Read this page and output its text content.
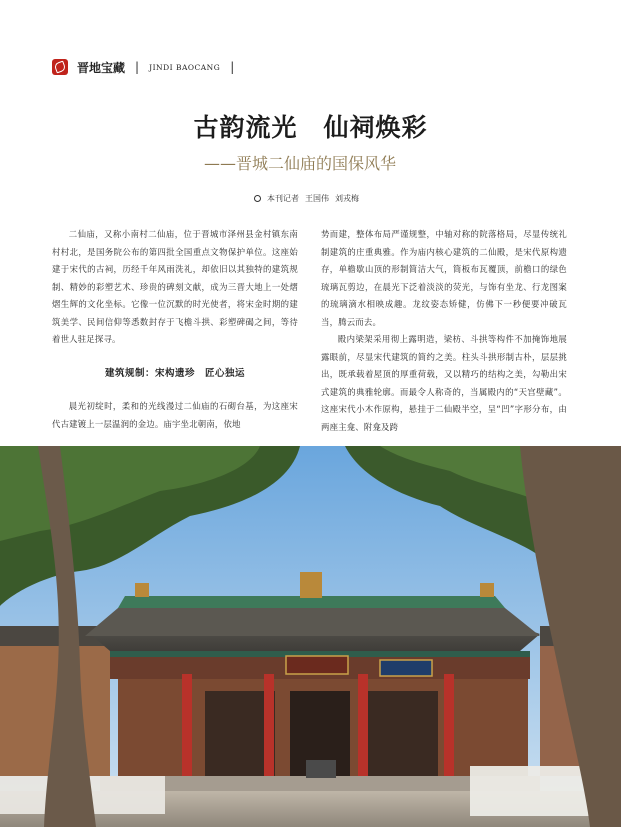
晋地宝藏 | JINDI BAOCANG |
古韵流光 仙祠焕彩
——晋城二仙庙的国保风华
本刊记者 王国伟 刘戎梅

二仙庙，又称小南村二仙庙，位于晋城市泽州县金村镇东南村村北，是国务院公布的第四批全国重点文物保护单位。这座始建于宋代的古祠，历经千年风雨洗礼，却依旧以其独特的建筑规制、精妙的彩塑艺术、珍贵的碑刻文献，成为三晋大地上一处熠熠生辉的文化坐标。它像一位沉默的时光使者，将宋金时期的建筑美学、民间信仰等悉数封存于飞檐斗拱、彩塑碑碣之间，等待着世人驻足探寻。

建筑规制：宋构遗珍 匠心独运

晨光初绽时，柔和的光线漫过二仙庙的石砌台基，为这座宋代古建镀上一层温润的金边。庙宇坐北朝南，依地

势而建，整体布局严谨规整，中轴对称的院落格局，尽显传统礼制建筑的庄重典雅。作为庙内核心建筑的二仙殿，是宋代原构遗存，单檐歇山顶的形制简洁大气，筒板布瓦覆顶，前檐口的绿色琉璃瓦剪边，在晨光下泛着淡淡的荧光，与饰有坐龙、行龙图案的琉璃滴水相映成趣。龙纹姿态矫健，仿佛下一秒便要冲破瓦当，腾云而去。

殿内梁架采用彻上露明造，梁枋、斗拱等构件不加掩饰地展露眼前，尽显宋代建筑的简约之美。柱头斗拱形制古朴，层层挑出，既承载着屋顶的厚重荷载，又以精巧的结构之美，勾勒出宋式建筑的典雅轮廓。而最令人称奇的，当属殿内的“天宫壁藏”。这座宋代小木作原构，悬挂于二仙殿半空，呈“凹”字形分布，由两座主龛、附龛及跨
